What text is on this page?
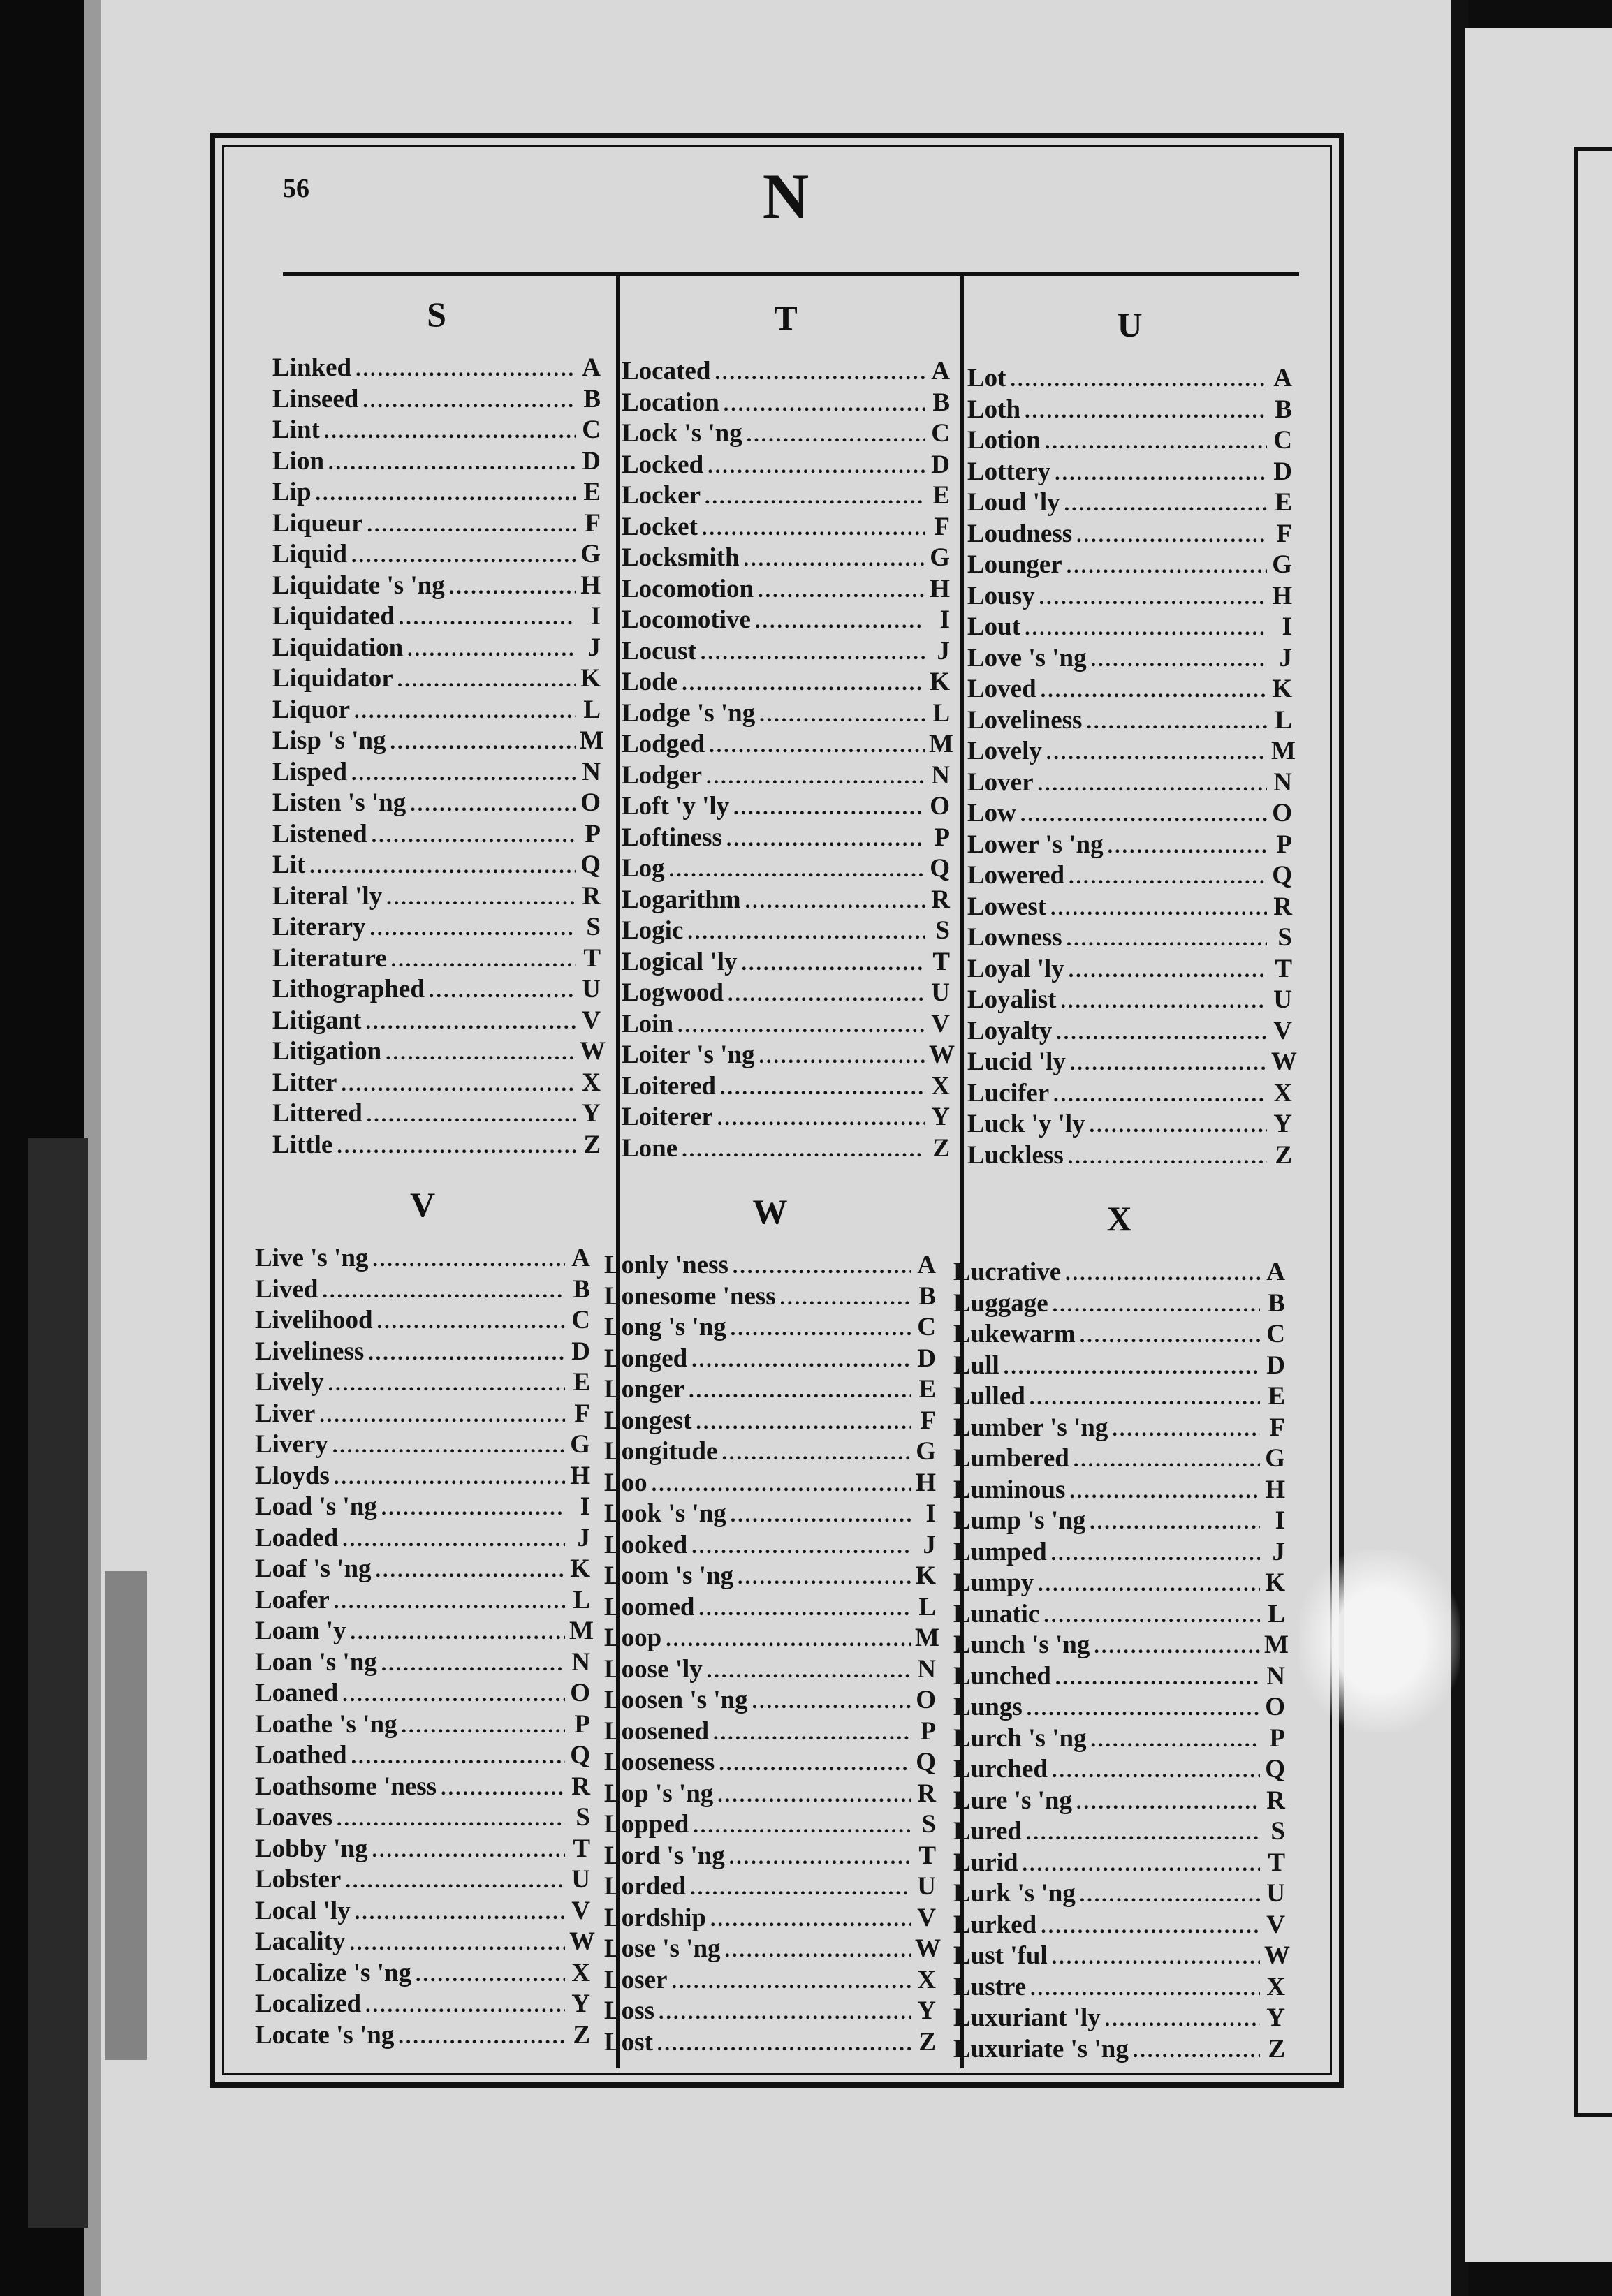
56	N
S
Linked .....	A
Linseed .....	B
Lint .....	C
Lion .....	D
Lip .....	E
Liqueur .....	F
Liquid .....	G
Liquidate 's 'ng .....	H
Liquidated .....	I
Liquidation .....	J
Liquidator .....	K
Liquor .....	L
Lisp 's 'ng .....	M
Lisped .....	N
Listen 's 'ng .....	O
Listened .....	P
Lit .....	Q
Literal 'ly .....	R
Literary .....	S
Literature .....	T
Lithographed .....	U
Litigant .....	V
Litigation .....	W
Litter .....	X
Littered .....	Y
Little .....	Z
T
Located .....	A
Location .....	B
Lock 's 'ng .....	C
Locked .....	D
Locker .....	E
Locket .....	F
Locksmith .....	G
Locomotion .....	H
Locomotive .....	I
Locust .....	J
Lode .....	K
Lodge 's 'ng .....	L
Lodged .....	M
Lodger .....	N
Loft 'y 'ly .....	O
Loftiness .....	P
Log .....	Q
Logarithm .....	R
Logic .....	S
Logical 'ly .....	T
Logwood .....	U
Loin .....	V
Loiter 's 'ng .....	W
Loitered .....	X
Loiterer .....	Y
Lone .....	Z
U
Lot .....	A
Loth .....	B
Lotion .....	C
Lottery .....	D
Loud 'ly .....	E
Loudness .....	F
Lounger .....	G
Lousy .....	H
Lout .....	I
Love 's 'ng .....	J
Loved .....	K
Loveliness .....	L
Lovely .....	M
Lover .....	N
Low .....	O
Lower 's 'ng .....	P
Lowered .....	Q
Lowest .....	R
Lowness .....	S
Loyal 'ly .....	T
Loyalist .....	U
Loyalty .....	V
Lucid 'ly .....	W
Lucifer .....	X
Luck 'y 'ly .....	Y
Luckless .....	Z
V
Live 's 'ng .....	A
Lived .....	B
Livelihood .....	C
Liveliness .....	D
Lively .....	E
Liver .....	F
Livery .....	G
Lloyds .....	H
Load 's 'ng .....	I
Loaded .....	J
Loaf 's 'ng .....	K
Loafer .....	L
Loam 'y .....	M
Loan 's 'ng .....	N
Loaned .....	O
Loathe 's 'ng .....	P
Loathed .....	Q
Loathsome 'ness .....	R
Loaves .....	S
Lobby 'ng .....	T
Lobster .....	U
Local 'ly .....	V
Lacality .....	W
Localize 's 'ng .....	X
Localized .....	Y
Locate 's 'ng .....	Z
W
Lonly 'ness .....	A
Lonesome 'ness .....	B
Long 's 'ng .....	C
Longed .....	D
Longer .....	E
Longest .....	F
Longitude .....	G
Loo .....	H
Look 's 'ng .....	I
Looked .....	J
Loom 's 'ng .....	K
Loomed .....	L
Loop .....	M
Loose 'ly .....	N
Loosen 's 'ng .....	O
Loosened .....	P
Looseness .....	Q
Lop 's 'ng .....	R
Lopped .....	S
Lord 's 'ng .....	T
Lorded .....	U
Lordship .....	V
Lose 's 'ng .....	W
Loser .....	X
Loss .....	Y
Lost .....	Z
X
Lucrative .....	A
Luggage .....	B
Lukewarm .....	C
Lull .....	D
Lulled .....	E
Lumber 's 'ng .....	F
Lumbered .....	G
Luminous .....	H
Lump 's 'ng .....	I
Lumped .....	J
Lumpy .....	K
Lunatic .....	L
Lunch 's 'ng .....	M
Lunched .....	N
Lungs .....	O
Lurch 's 'ng .....	P
Lurched .....	Q
Lure 's 'ng .....	R
Lured .....	S
Lurid .....	T
Lurk 's 'ng .....	U
Lurked .....	V
Lust 'ful .....	W
Lustre .....	X
Luxuriant 'ly .....	Y
Luxuriate 's 'ng .....	Z
